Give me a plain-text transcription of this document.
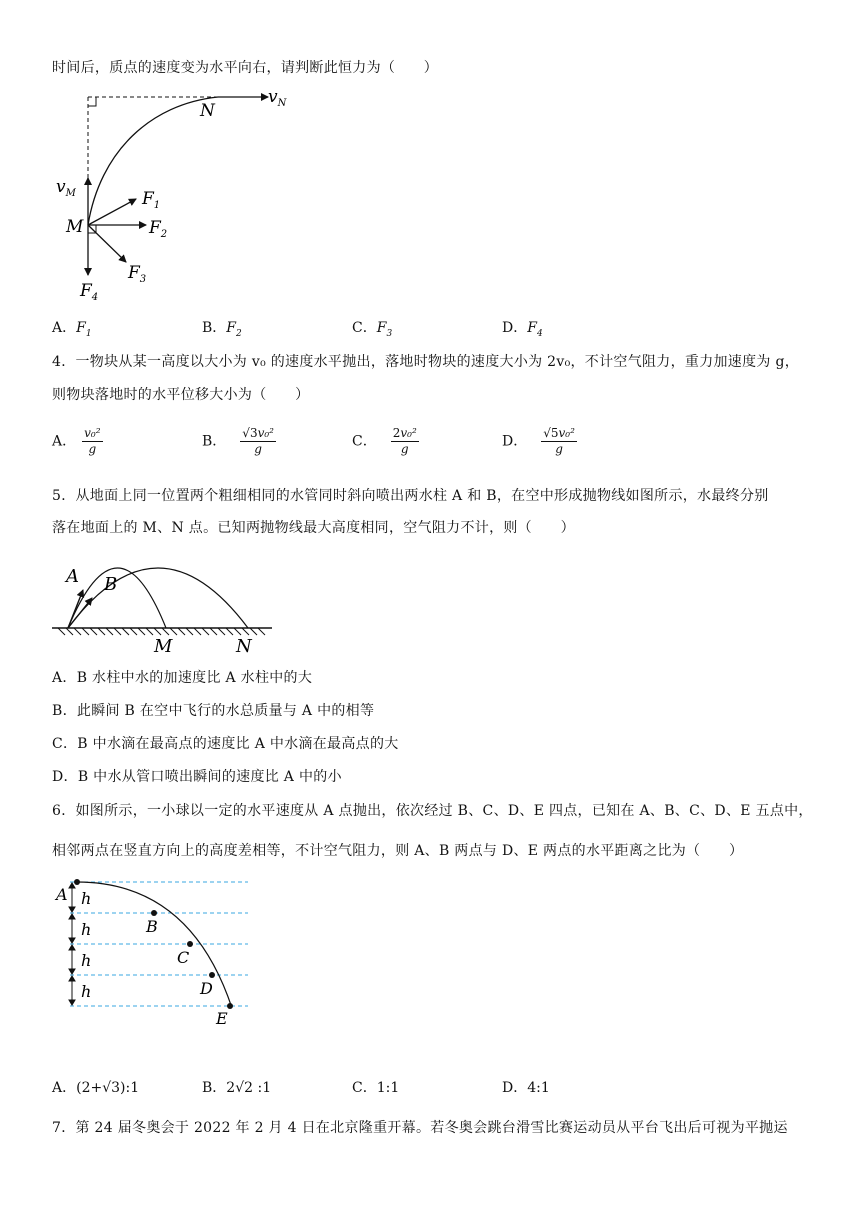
时间后，质点的速度变为水平向右，请判断此恒力为（　　）
$v_N$
N
$v_M$
M
$F_1$
$F_2$
$F_3$
$F_4$
A．$F_1$	B．$F_2$	C．$F_3$	D．$F_4$
4．一物块从某一高度以大小为 v₀ 的速度水平抛出，落地时物块的速度大小为 2v₀，不计空气阻力，重力加速度为 g，
则物块落地时的水平位移大小为（　　）
A． $\frac{\text{v₀²}}{g}$	B． $\frac{\text{√3v₀²}}{g}$	C． $\frac{\text{2v₀²}}{g}$	D． $\frac{\text{√5v₀²}}{g}$
5．从地面上同一位置两个粗细相同的水管同时斜向喷出两水柱 A 和 B，在空中形成抛物线如图所示，水最终分别
落在地面上的 M、N 点。已知两抛物线最大高度相同，空气阻力不计，则（　　）
A B
M	N
A．B 水柱中水的加速度比 A 水柱中的大
B．此瞬间 B 在空中飞行的水总质量与 A 中的相等
C．B 中水滴在最高点的速度比 A 中水滴在最高点的大
D．B 中水从管口喷出瞬间的速度比 A 中的小
6．如图所示，一小球以一定的水平速度从 A 点抛出，依次经过 B、C、D、E 四点，已知在 A、B、C、D、E 五点中，
相邻两点在竖直方向上的高度差相等，不计空气阻力，则 A、B 两点与 D、E 两点的水平距离之比为（　　）
h
h
h
h
A
B
C
D
E
A．(2+√3):1	B．2√2 :1	C．1:1	D．4:1
7．第 24 届冬奥会于 2022 年 2 月 4 日在北京隆重开幕。若冬奥会跳台滑雪比赛运动员从平台飞出后可视为平抛运
